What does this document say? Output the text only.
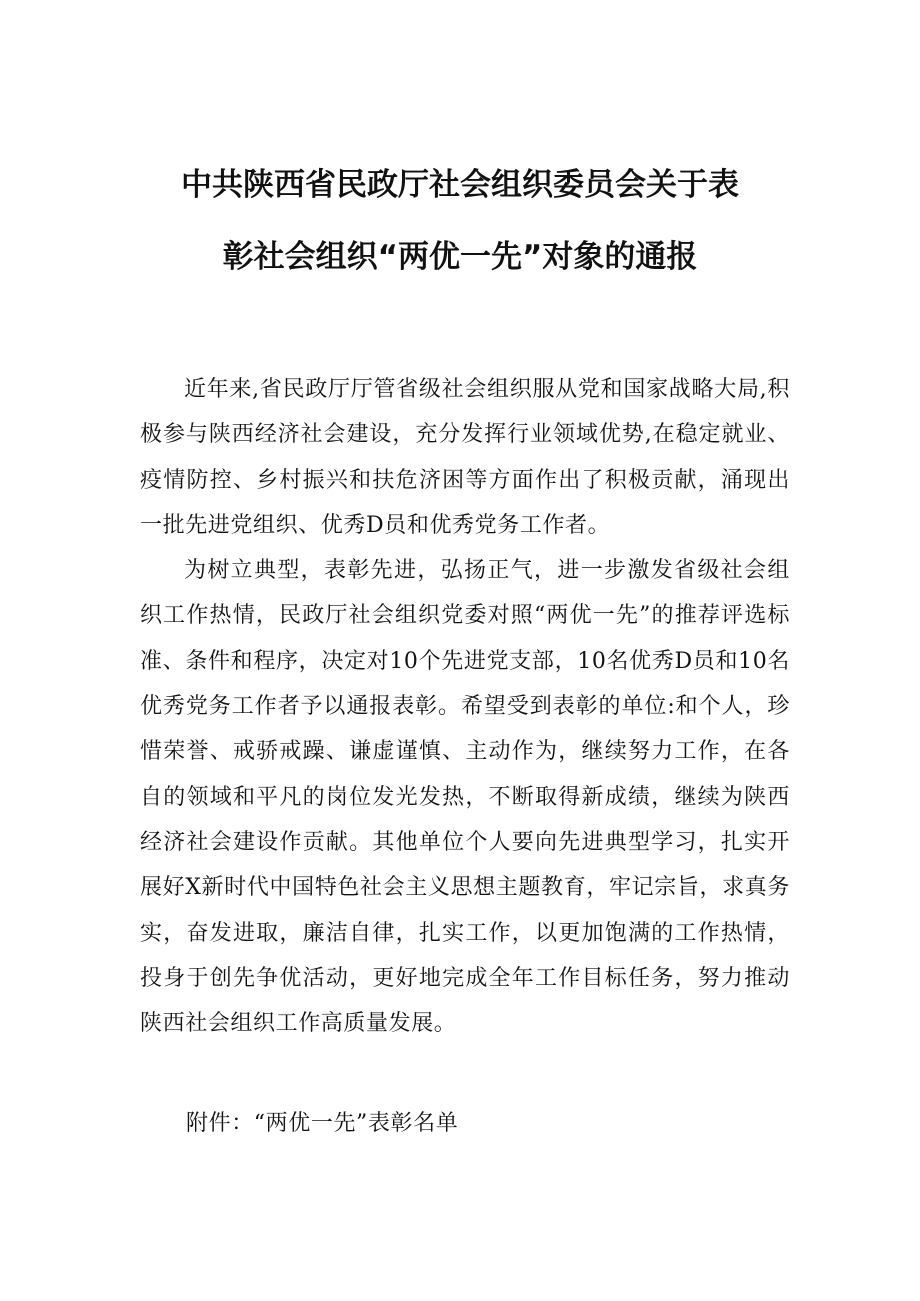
中共陕西省民政厅社会组织委员会关于表
彰社会组织“两优一先”对象的通报

近年来,省民政厅厅管省级社会组织服从党和国家战略大局,积极参与陕西经济社会建设，充分发挥行业领域优势,在稳定就业、疫情防控、乡村振兴和扶危济困等方面作出了积极贡献，涌现出一批先进党组织、优秀D员和优秀党务工作者。

为树立典型，表彰先进，弘扬正气，进一步激发省级社会组织工作热情，民政厅社会组织党委对照“两优一先”的推荐评选标准、条件和程序，决定对10个先进党支部，10名优秀D员和10名优秀党务工作者予以通报表彰。希望受到表彰的单位:和个人，珍惜荣誉、戒骄戒躁、谦虚谨慎、主动作为，继续努力工作，在各自的领域和平凡的岗位发光发热，不断取得新成绩，继续为陕西经济社会建设作贡献。其他单位个人要向先进典型学习，扎实开展好X新时代中国特色社会主义思想主题教育，牢记宗旨，求真务实，奋发进取，廉洁自律，扎实工作，以更加饱满的工作热情，投身于创先争优活动，更好地完成全年工作目标任务，努力推动陕西社会组织工作高质量发展。

附件：“两优一先”表彰名单
